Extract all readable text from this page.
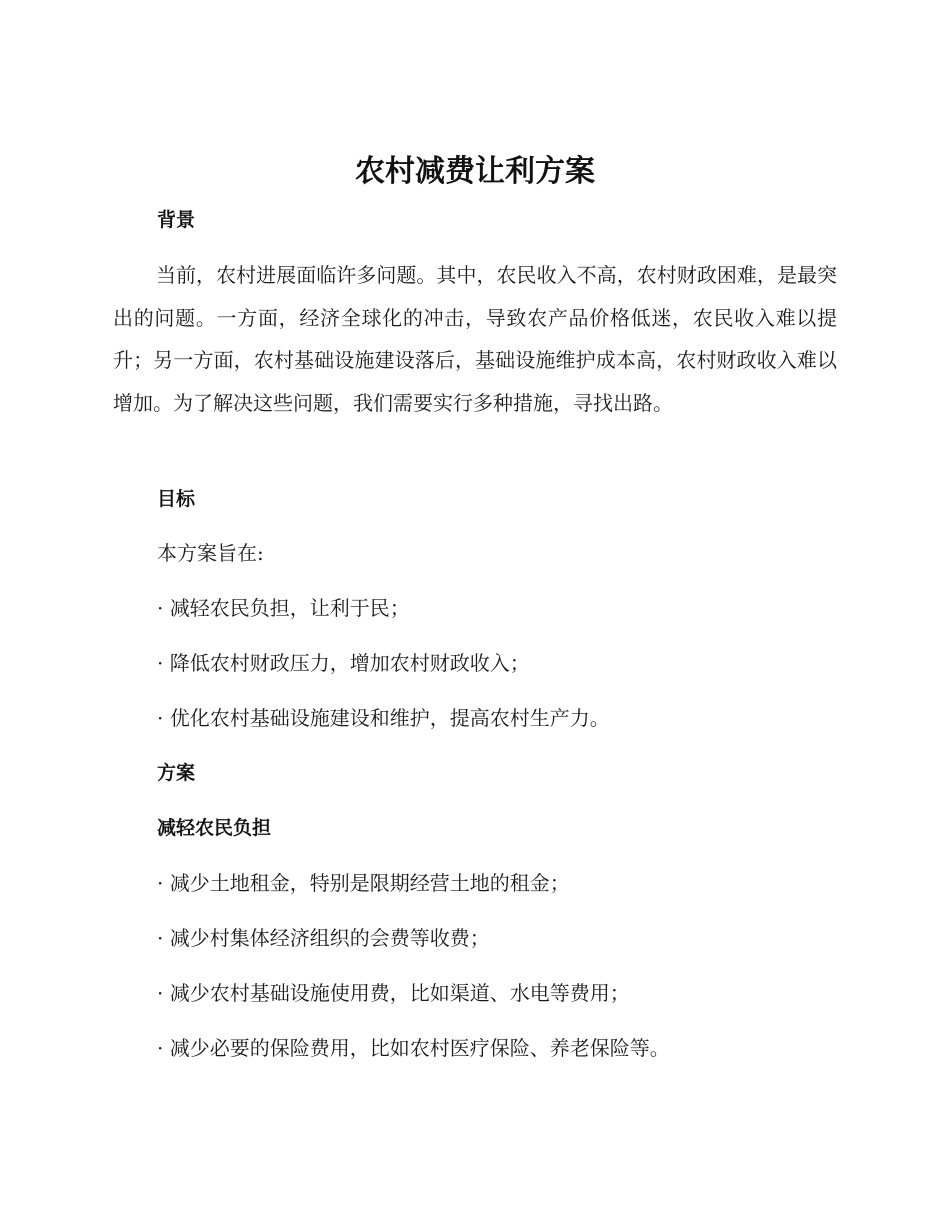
农村减费让利方案
背景

当前，农村进展面临许多问题。其中，农民收入不高，农村财政困难，是最突出的问题。一方面，经济全球化的冲击，导致农产品价格低迷，农民收入难以提升；另一方面，农村基础设施建设落后，基础设施维护成本高，农村财政收入难以增加。为了解决这些问题，我们需要实行多种措施，寻找出路。

目标

本方案旨在:

· 减轻农民负担，让利于民；

· 降低农村财政压力，增加农村财政收入；

· 优化农村基础设施建设和维护，提高农村生产力。

方案
减轻农民负担

· 减少土地租金，特别是限期经营土地的租金；

· 减少村集体经济组织的会费等收费；

· 减少农村基础设施使用费，比如渠道、水电等费用；

· 减少必要的保险费用，比如农村医疗保险、养老保险等。
